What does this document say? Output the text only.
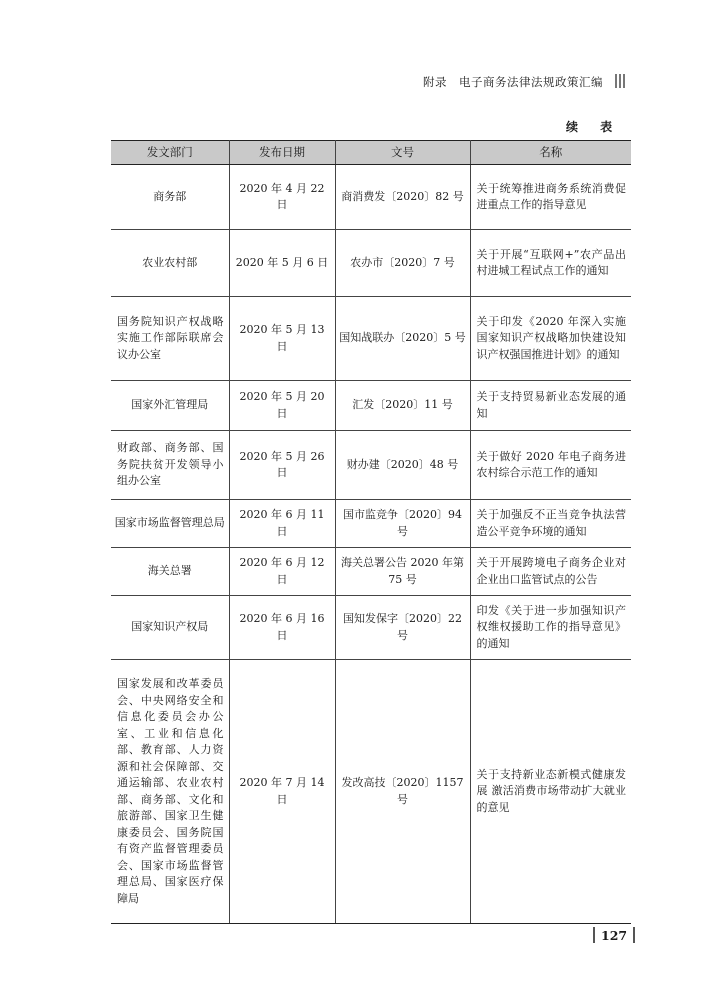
附录 电子商务法律法规政策汇编
续 表
发文部门	发布日期	文号	名称
商务部	2020 年 4 月 22 日	商消费发〔2020〕82 号	关于统筹推进商务系统消费促进重点工作的指导意见
农业农村部	2020 年 5 月 6 日	农办市〔2020〕7 号	关于开展“互联网+”农产品出村进城工程试点工作的通知
国务院知识产权战略实施工作部际联席会议办公室	2020 年 5 月 13 日	国知战联办〔2020〕5 号	关于印发《2020 年深入实施国家知识产权战略加快建设知识产权强国推进计划》的通知
国家外汇管理局	2020 年 5 月 20 日	汇发〔2020〕11 号	关于支持贸易新业态发展的通知
财政部、商务部、国务院扶贫开发领导小组办公室	2020 年 5 月 26 日	财办建〔2020〕48 号	关于做好 2020 年电子商务进农村综合示范工作的通知
国家市场监督管理总局	2020 年 6 月 11 日	国市监竞争〔2020〕94 号	关于加强反不正当竞争执法营造公平竞争环境的通知
海关总署	2020 年 6 月 12 日	海关总署公告 2020 年第 75 号	关于开展跨境电子商务企业对企业出口监管试点的公告
国家知识产权局	2020 年 6 月 16 日	国知发保字〔2020〕22 号	印发《关于进一步加强知识产权维权援助工作的指导意见》的通知
国家发展和改革委员会、中央网络安全和信息化委员会办公室、工业和信息化部、教育部、人力资源和社会保障部、交通运输部、农业农村部、商务部、文化和旅游部、国家卫生健康委员会、国务院国有资产监督管理委员会、国家市场监督管理总局、国家医疗保障局	2020 年 7 月 14 日	发改高技〔2020〕1157 号	关于支持新业态新模式健康发展 激活消费市场带动扩大就业的意见
127
